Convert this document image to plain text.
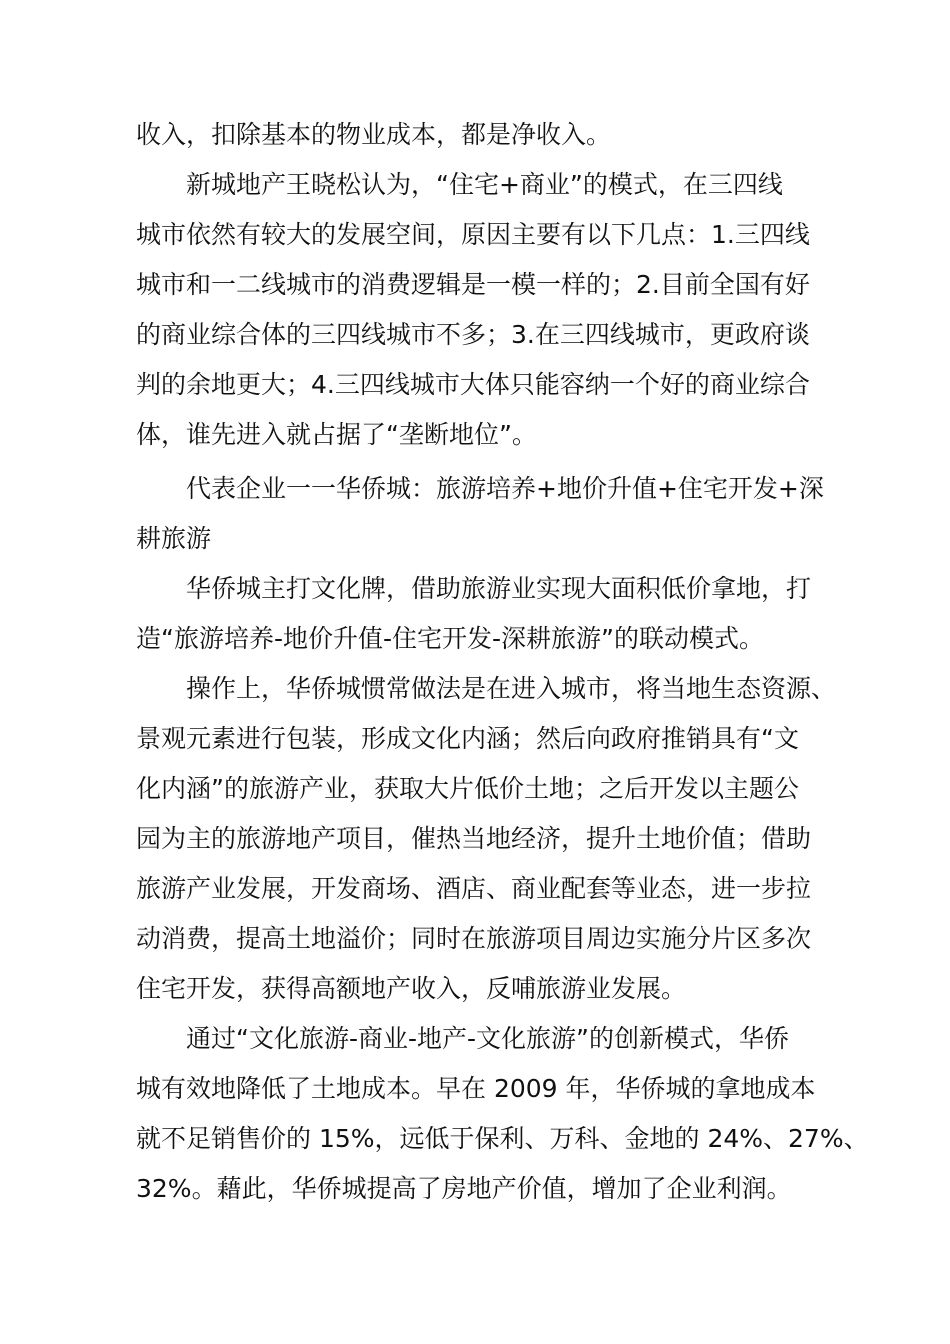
收入，扣除基本的物业成本，都是净收入。
新城地产王晓松认为，“住宅+商业”的模式，在三四线
城市依然有较大的发展空间，原因主要有以下几点：1.三四线
城市和一二线城市的消费逻辑是一模一样的；2.目前全国有好
的商业综合体的三四线城市不多；3.在三四线城市，更政府谈
判的余地更大；4.三四线城市大体只能容纳一个好的商业综合
体，谁先进入就占据了“垄断地位”。
代表企业一一华侨城：旅游培养+地价升值+住宅开发+深
耕旅游
华侨城主打文化牌，借助旅游业实现大面积低价拿地，打
造“旅游培养-地价升值-住宅开发-深耕旅游”的联动模式。
操作上，华侨城惯常做法是在进入城市，将当地生态资源、
景观元素进行包装，形成文化内涵；然后向政府推销具有“文
化内涵”的旅游产业，获取大片低价土地；之后开发以主题公
园为主的旅游地产项目，催热当地经济，提升土地价值；借助
旅游产业发展，开发商场、酒店、商业配套等业态，进一步拉
动消费，提高土地溢价；同时在旅游项目周边实施分片区多次
住宅开发，获得高额地产收入，反哺旅游业发展。
通过“文化旅游-商业-地产-文化旅游”的创新模式，华侨
城有效地降低了土地成本。早在 2009 年，华侨城的拿地成本
就不足销售价的 15%，远低于保利、万科、金地的 24%、27%、
32%。藉此，华侨城提高了房地产价值，增加了企业利润。
